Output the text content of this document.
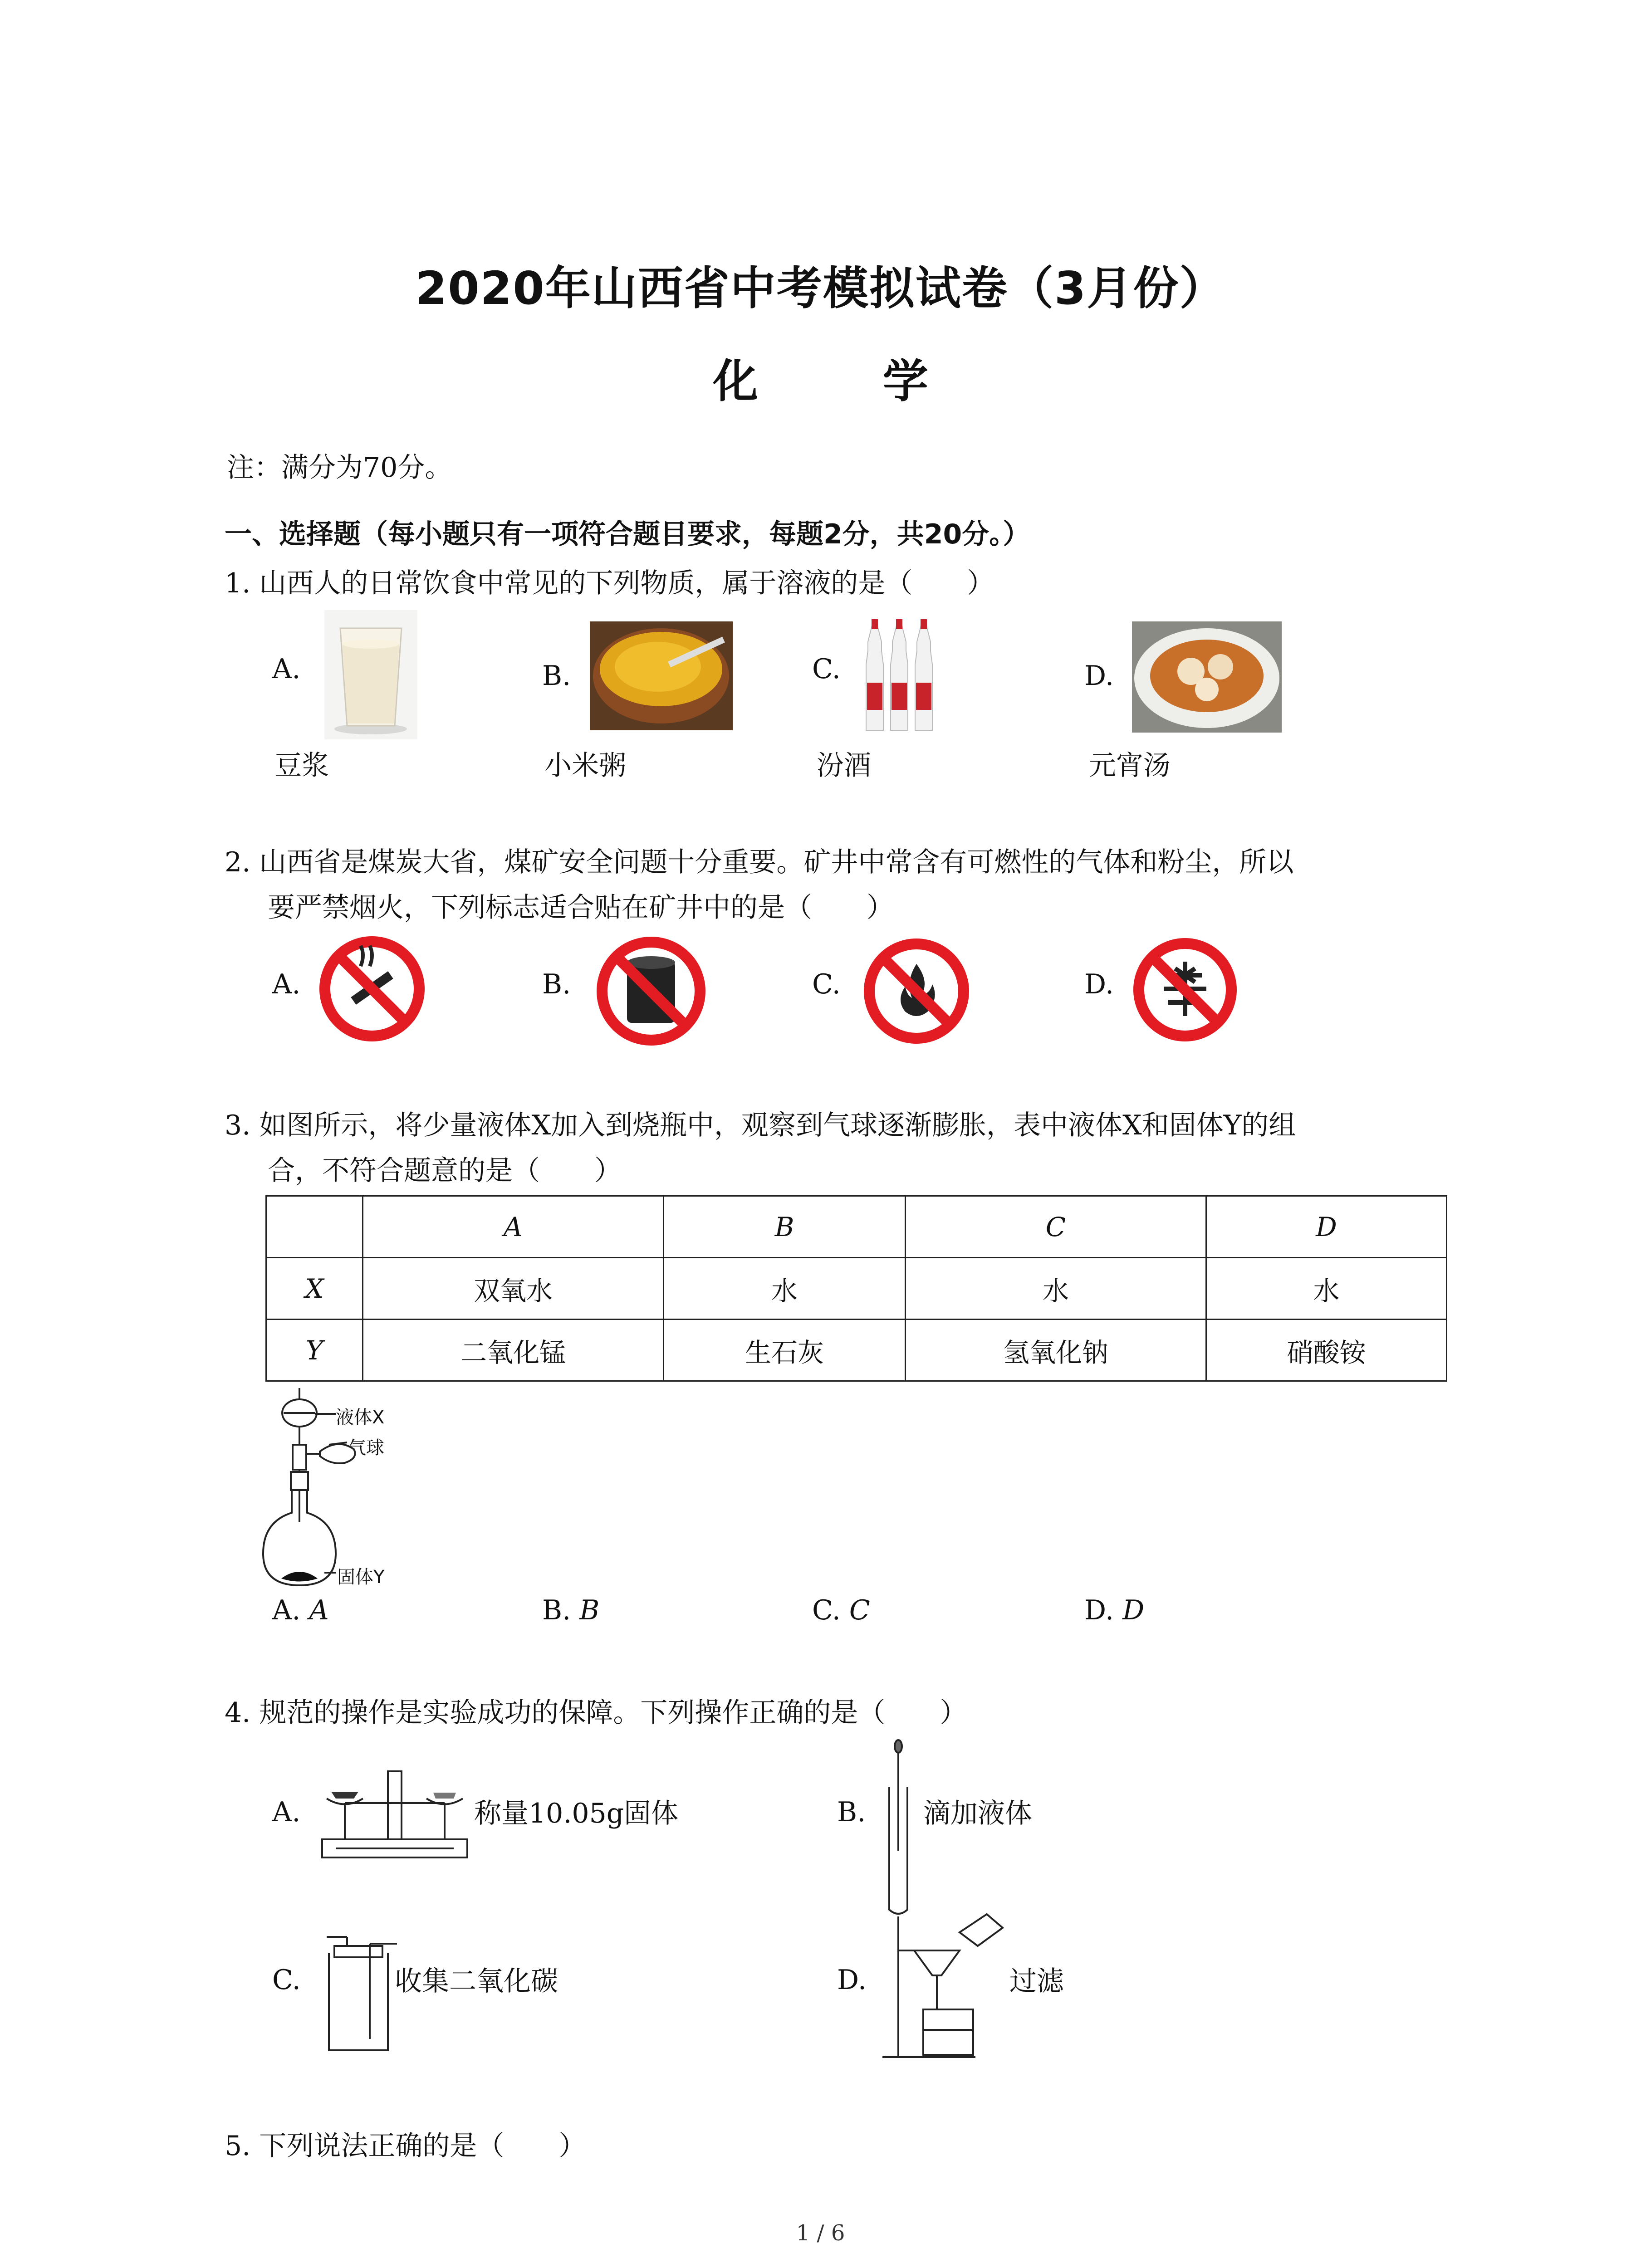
2020年山西省中考模拟试卷（3月份）
化 学
注：满分为70分。
一、选择题（每小题只有一项符合题目要求，每题2分，共20分。）
1. 山西人的日常饮食中常见的下列物质，属于溶液的是（　　）
A.
豆浆
B.
小米粥
C.
汾酒
D.
元宵汤
2. 山西省是煤炭大省，煤矿安全问题十分重要。矿井中常含有可燃性的气体和粉尘，所以
要严禁烟火，下列标志适合贴在矿井中的是（　　）
A.	B.	C.	D.
3. 如图所示，将少量液体X加入到烧瓶中，观察到气球逐渐膨胀，表中液体X和固体Y的组
合，不符合题意的是（　　）
	A	B	C	D
X	双氧水	水	水	水
Y	二氧化锰	生石灰	氢氧化钠	硝酸铵
液体X
气球
固体Y
A. A	B. B	C. C	D. D
4. 规范的操作是实验成功的保障。下列操作正确的是（　　）
A.	称量10.05g固体	B. 滴加液体
C.	收集二氧化碳	D.	过滤
5. 下列说法正确的是（　　）
1 / 6
